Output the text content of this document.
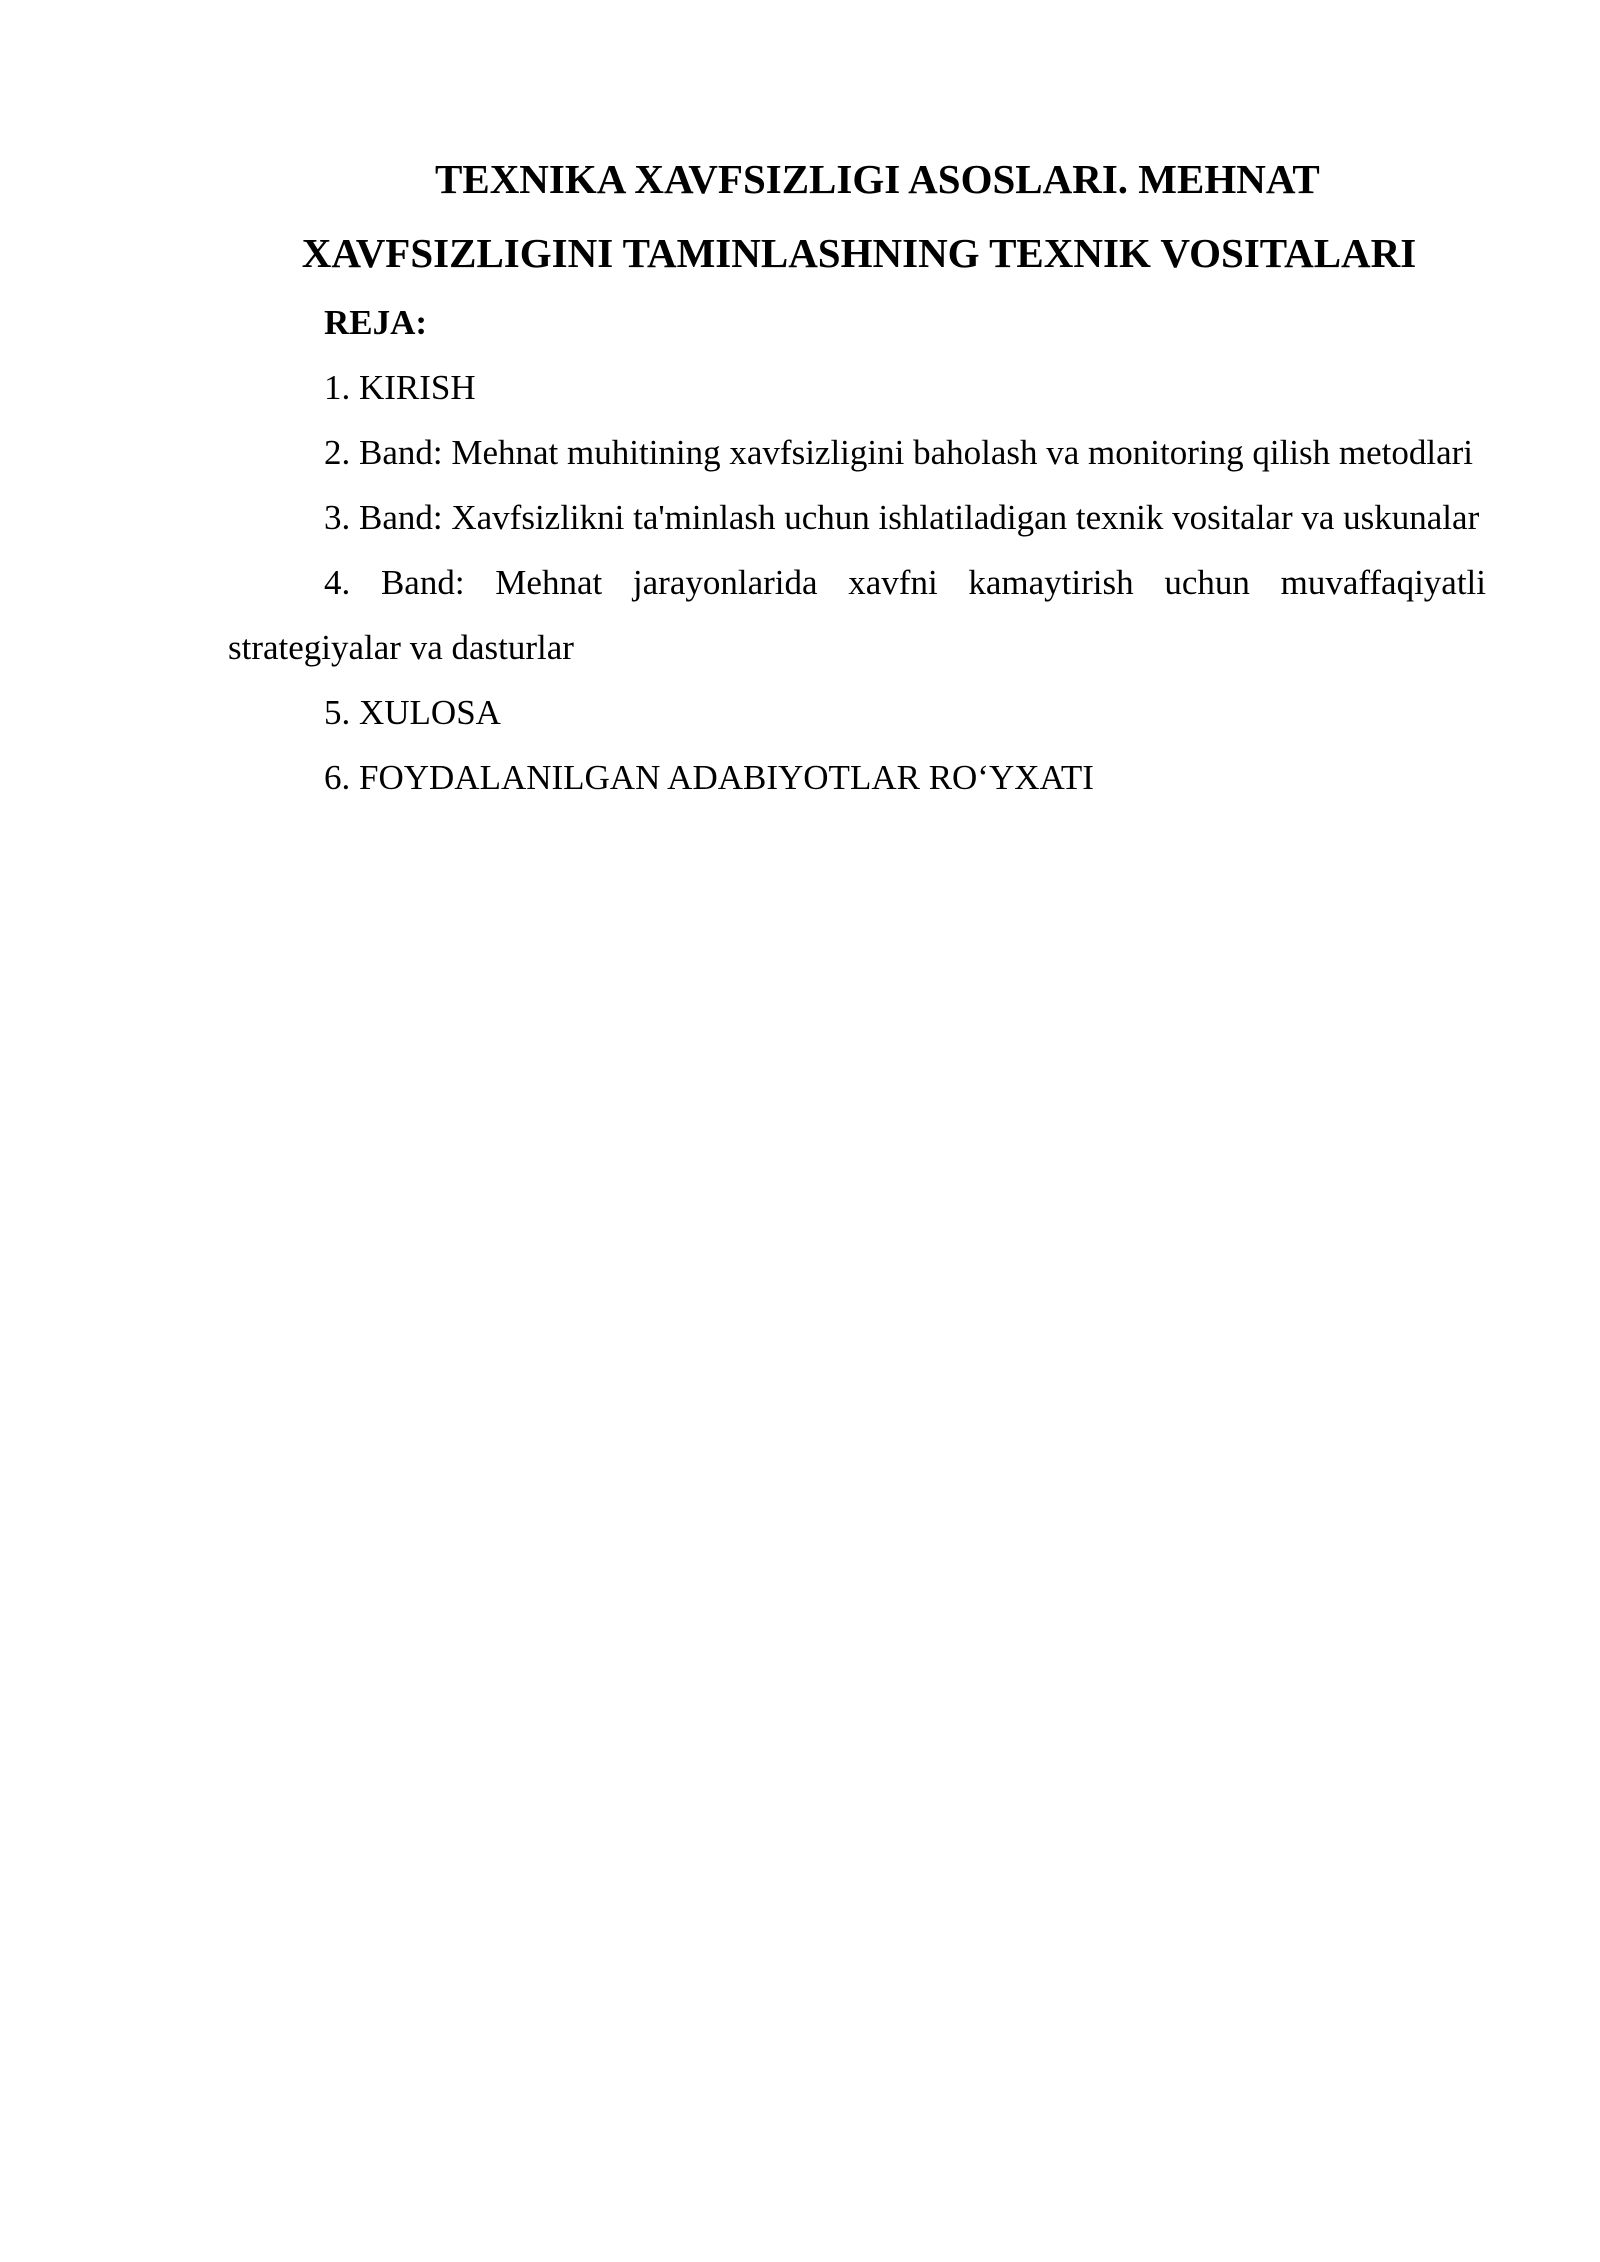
TEXNIKA XAVFSIZLIGI ASOSLARI. MEHNAT
XAVFSIZLIGINI TAMINLASHNING TEXNIK VOSITALARI

REJA:

1. KIRISH

2. Band: Mehnat muhitining xavfsizligini baholash va monitoring qilish metodlari

3. Band: Xavfsizlikni ta'minlash uchun ishlatiladigan texnik vositalar va uskunalar

4. Band: Mehnat jarayonlarida xavfni kamaytirish uchun muvaffaqiyatli strategiyalar va dasturlar

5. XULOSA

6. FOYDALANILGAN ADABIYOTLAR RO‘YXATI
